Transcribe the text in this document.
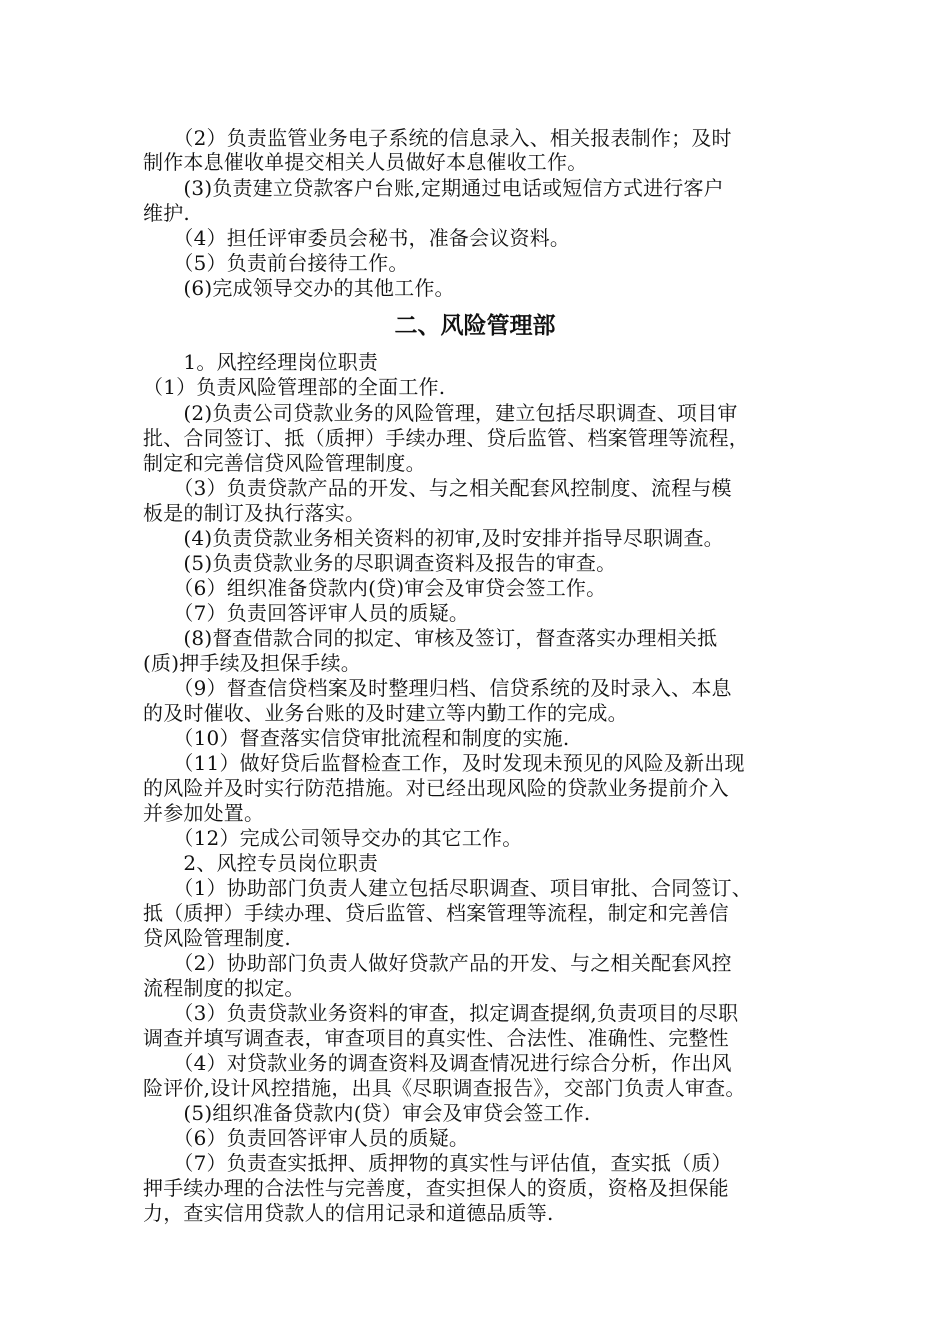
　　（2）负责监管业务电子系统的信息录入、相关报表制作；及时
制作本息催收单提交相关人员做好本息催收工作。
　　(3)负责建立贷款客户台账,定期通过电话或短信方式进行客户
维护.
　　（4）担任评审委员会秘书，准备会议资料。
　　（5）负责前台接待工作。
　　(6)完成领导交办的其他工作。
二、风险管理部
　　1。风控经理岗位职责
（1）负责风险管理部的全面工作.
　　(2)负责公司贷款业务的风险管理，建立包括尽职调查、项目审
批、合同签订、抵（质押）手续办理、贷后监管、档案管理等流程，
制定和完善信贷风险管理制度。
　　（3）负责贷款产品的开发、与之相关配套风控制度、流程与模
板是的制订及执行落实。
　　(4)负责贷款业务相关资料的初审,及时安排并指导尽职调查。
　　(5)负责贷款业务的尽职调查资料及报告的审查。
　　（6）组织准备贷款内(贷)审会及审贷会签工作。
　　（7）负责回答评审人员的质疑。
　　(8)督查借款合同的拟定、审核及签订，督查落实办理相关抵
(质)押手续及担保手续。
　　（9）督查信贷档案及时整理归档、信贷系统的及时录入、本息
的及时催收、业务台账的及时建立等内勤工作的完成。
　　（10）督查落实信贷审批流程和制度的实施.
　　（11）做好贷后监督检查工作，及时发现未预见的风险及新出现
的风险并及时实行防范措施。对已经出现风险的贷款业务提前介入
并参加处置。
　　（12）完成公司领导交办的其它工作。
　　2、风控专员岗位职责
　　（1）协助部门负责人建立包括尽职调查、项目审批、合同签订、
抵（质押）手续办理、贷后监管、档案管理等流程，制定和完善信
贷风险管理制度.
　　（2）协助部门负责人做好贷款产品的开发、与之相关配套风控
流程制度的拟定。
　　（3）负责贷款业务资料的审查，拟定调查提纲,负责项目的尽职
调查并填写调查表，审查项目的真实性、合法性、准确性、完整性
　　（4）对贷款业务的调查资料及调查情况进行综合分析，作出风
险评价,设计风控措施，出具《尽职调查报告》，交部门负责人审查。
　　(5)组织准备贷款内(贷）审会及审贷会签工作.
　　（6）负责回答评审人员的质疑。
　　（7）负责查实抵押、质押物的真实性与评估值，查实抵（质）
押手续办理的合法性与完善度，查实担保人的资质，资格及担保能
力，查实信用贷款人的信用记录和道德品质等.
